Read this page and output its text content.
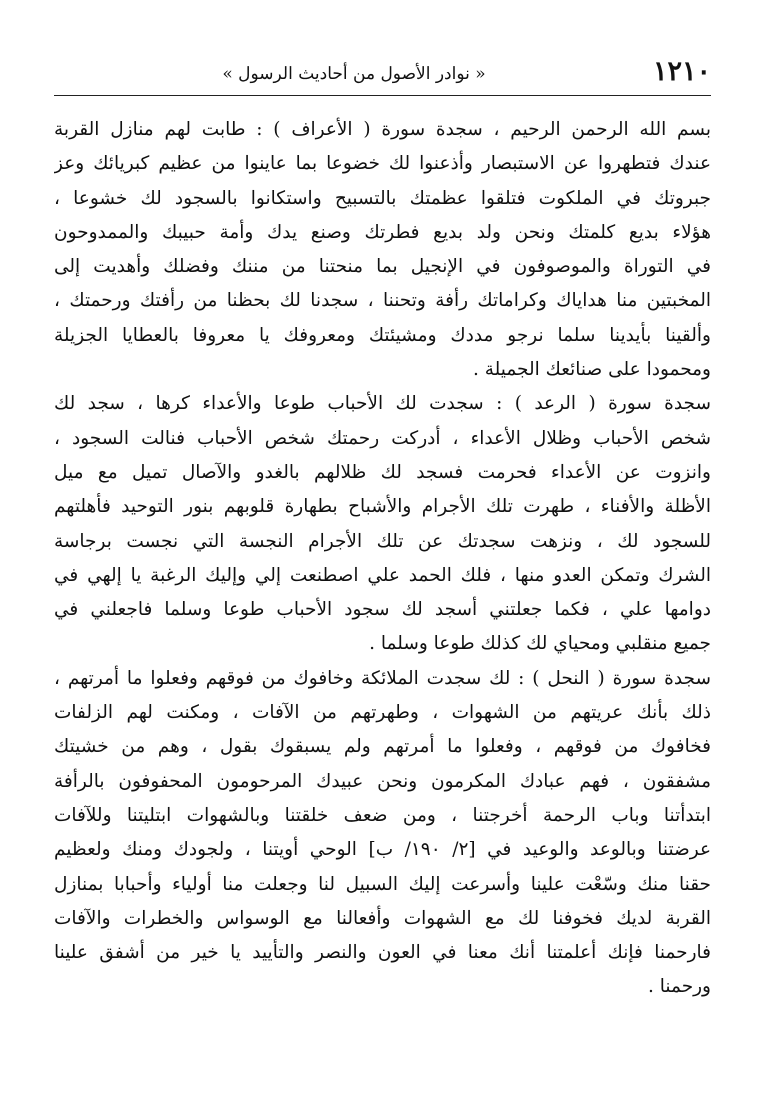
١٢١٠
« نوادر الأصول من أحاديث الرسول »
بسم الله الرحمن الرحيم ، سجدة سورة ( الأعراف ) : طابت لهم منازل القربة
عندك فتطهروا عن الاستبصار وأذعنوا لك خضوعا بما عاينوا من عظيم كبريائك وعز
جبروتك في الملكوت فتلقوا عظمتك بالتسبيح واستكانوا بالسجود لك خشوعا ،
هؤلاء بديع كلمتك ونحن ولد بديع فطرتك وصنع يدك وأمة حبيبك والممدوحون
في التوراة والموصوفون في الإنجيل بما منحتنا من مننك وفضلك وأهديت إلى
المخبتين منا هداياك وكراماتك رأفة وتحننا ، سجدنا لك بحظنا من رأفتك ورحمتك ،
وألقينا بأيدينا سلما نرجو مددك ومشيئتك ومعروفك يا معروفا بالعطايا الجزيلة
ومحمودا على صنائعك الجميلة .
سجدة سورة ( الرعد ) : سجدت لك الأحباب طوعا والأعداء كرها ، سجد لك
شخص الأحباب وظلال الأعداء ، أدركت رحمتك شخص الأحباب فنالت السجود ،
وانزوت عن الأعداء فحرمت فسجد لك ظلالهم بالغدو والآصال تميل مع ميل
الأظلة والأفناء ، طهرت تلك الأجرام والأشباح بطهارة قلوبهم بنور التوحيد فأهلتهم
للسجود لك ، ونزهت سجدتك عن تلك الأجرام النجسة التي نجست برجاسة
الشرك وتمكن العدو منها ، فلك الحمد علي اصطنعت إلي وإليك الرغبة يا إلهي في
دوامها علي ، فكما جعلتني أسجد لك سجود الأحباب طوعا وسلما فاجعلني في
جميع منقلبي ومحياي لك كذلك طوعا وسلما .
سجدة سورة ( النحل ) : لك سجدت الملائكة وخافوك من فوقهم وفعلوا ما أمرتهم ،
ذلك بأنك عريتهم من الشهوات ، وطهرتهم من الآفات ، ومكنت لهم الزلفات
فخافوك من فوقهم ، وفعلوا ما أمرتهم ولم يسبقوك بقول ، وهم من خشيتك
مشفقون ، فهم عبادك المكرمون ونحن عبيدك المرحومون المحفوفون بالرأفة
ابتدأتنا وباب الرحمة أخرجتنا ، ومن ضعف خلقتنا وبالشهوات ابتليتنا وللآفات
عرضتنا وبالوعد والوعيد في [٢/ ١٩٠/ ب] الوحي أويتنا ، ولجودك ومنك ولعظيم
حقنا منك وسّعْت علينا وأسرعت إليك السبيل لنا وجعلت منا أولياء وأحبابا بمنازل
القربة لديك فخوفنا لك مع الشهوات وأفعالنا مع الوسواس والخطرات والآفات
فارحمنا فإنك أعلمتنا أنك معنا في العون والنصر والتأييد يا خير من أشفق علينا
ورحمنا .
